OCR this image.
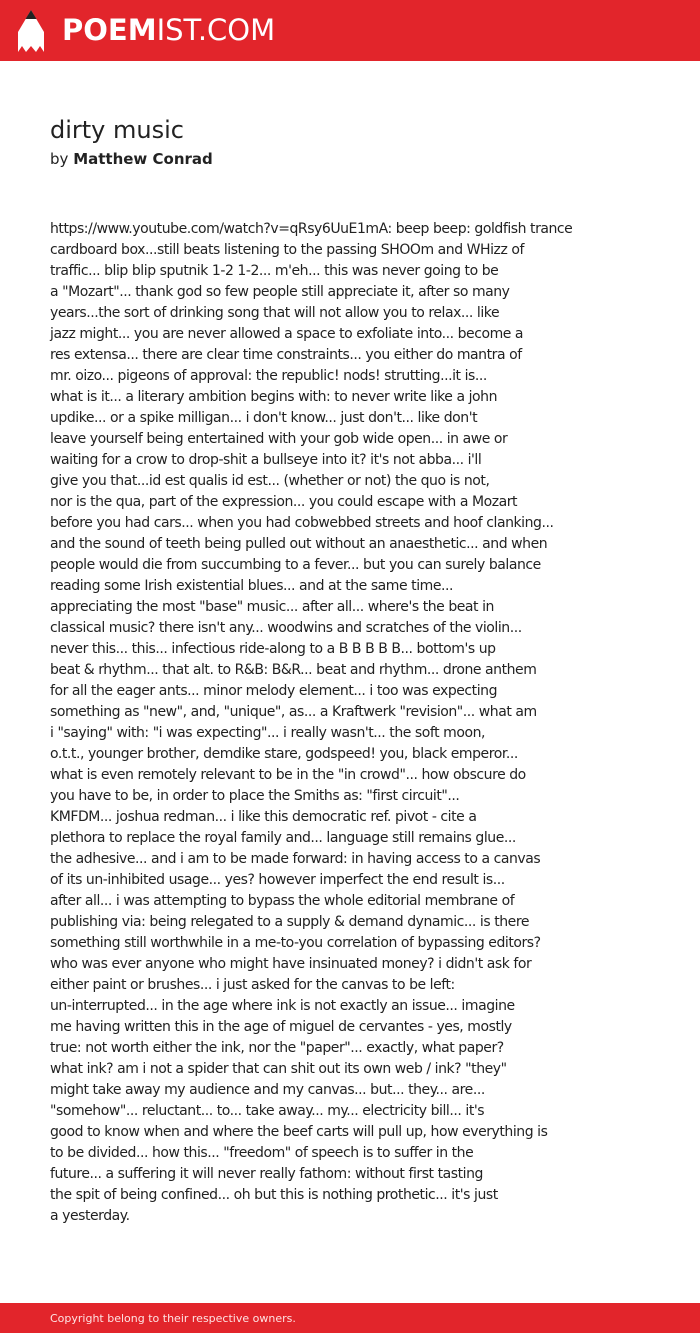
POEMIST.COM
dirty music
by Matthew Conrad
https://www.youtube.com/watch?v=qRsy6UuE1mA: beep beep: goldfish trance
cardboard box...still beats listening to the passing SHOOm and WHizz of
traffic... blip blip sputnik 1-2 1-2... m'eh... this was never going to be
a "Mozart"... thank god so few people still appreciate it, after so many
years...the sort of drinking song that will not allow you to relax... like
jazz might... you are never allowed a space to exfoliate into... become a
res extensa... there are clear time constraints... you either do mantra of
mr. oizo... pigeons of approval: the republic! nods! strutting...it is...
what is it... a literary ambition begins with: to never write like a john
updike... or a spike milligan... i don't know... just don't... like don't
leave yourself being entertained with your gob wide open... in awe or
waiting for a crow to drop-shit a bullseye into it? it's not abba... i'll
give you that...id est qualis id est... (whether or not) the quo is not,
nor is the qua, part of the expression... you could escape with a Mozart
before you had cars... when you had cobwebbed streets and hoof clanking...
and the sound of teeth being pulled out without an anaesthetic... and when
people would die from succumbing to a fever... but you can surely balance
reading some Irish existential blues... and at the same time...
appreciating the most "base" music... after all... where's the beat in
classical music? there isn't any... woodwins and scratches of the violin...
never this... this... infectious ride-along to a B B B B B... bottom's up
beat & rhythm... that alt. to R&B: B&R... beat and rhythm... drone anthem
for all the eager ants... minor melody element... i too was expecting
something as "new", and, "unique", as... a Kraftwerk "revision"... what am
i "saying" with: "i was expecting"... i really wasn't... the soft moon,
o.t.t., younger brother, demdike stare, godspeed! you, black emperor...
what is even remotely relevant to be in the "in crowd"... how obscure do
you have to be, in order to place the Smiths as: "first circuit"...
KMFDM... joshua redman... i like this democratic ref. pivot - cite a
plethora to replace the royal family and... language still remains glue...
the adhesive... and i am to be made forward: in having access to a canvas
of its un-inhibited usage... yes? however imperfect the end result is...
after all... i was attempting to bypass the whole editorial membrane of
publishing via: being relegated to a supply & demand dynamic... is there
something still worthwhile in a me-to-you correlation of bypassing editors?
who was ever anyone who might have insinuated money? i didn't ask for
either paint or brushes... i just asked for the canvas to be left:
un-interrupted... in the age where ink is not exactly an issue... imagine
me having written this in the age of miguel de cervantes - yes, mostly
true: not worth either the ink, nor the "paper"... exactly, what paper?
what ink? am i not a spider that can shit out its own web / ink? "they"
might take away my audience and my canvas... but... they... are...
"somehow"... reluctant... to... take away... my... electricity bill... it's
good to know when and where the beef carts will pull up, how everything is
to be divided... how this... "freedom" of speech is to suffer in the
future... a suffering it will never really fathom: without first tasting
the spit of being confined... oh but this is nothing prothetic... it's just
a yesterday.
Copyright belong to their respective owners.
